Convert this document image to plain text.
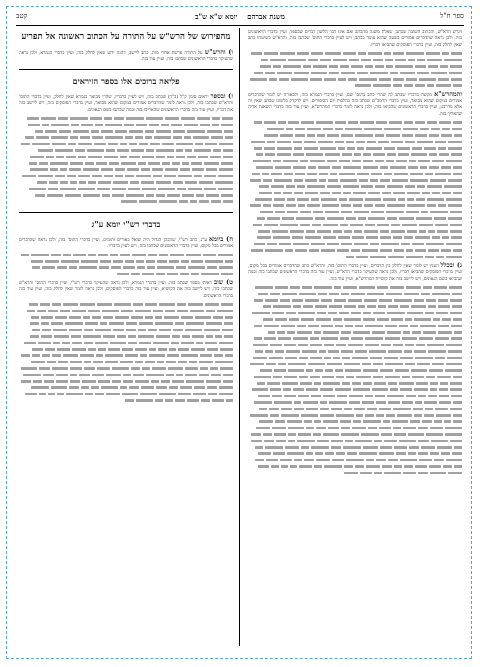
ספר ח"ל
משנת אברהם    יומא ש"א ש"ב
קטב

ויגרש הרא"ש, והכתוב תשובה שכתב, שאלת משנה מהכתב ואם אינו דבר הלשון דברים שבספר, ועיין בדברי הראשונים בזה, ולכן נראה שהדברים אמורים בשעה שהוא עומד בכתב, ויש לעיין בדברי התוס' שכתבו בזה, והרא"ש בשיטתו כתב שאין לחלק בזה, ועיין בדברי הפוסקים שהביאו דבריו.

והמהרש"א מקשה בדבריו שכתב לה שהרי כתב בתוס' שם, ועיין בדברי הגמרא בזה, ולכאורה יש לומר שהדברים אמורים במקום שהוא מבואר, ועיין בדברי הרמב"ם שכתב בזה בהלכות יום הכיפורים, ויש לדקדק בלשונו שכתב שאין זה אלא מדרבנן, ועיין בדברי הראשונים שהביאו בזה, ולכן נראה לומר כדברי המהרש"א, ועיין עוד בזה בדברי השאגת אריה שהאריך בזה.

ג) ובכלל הענין יש לומר שאין לחלק בין הדברים, ועיין בדברי התוס' בזה, והרא"ש כתב שהדברים אמורים בכל מקום, ועיין בדברי הפוסקים שהביאו דבריו, ולכן נראה שהעיקר כדברי הרא"ש, ועיין עוד בזה בדברי הראשונים שכתבו בזה ובמה שהביאו בשם הגאונים, ויש ליישב בזה את קושיית המהרש"א, ועיין עוד בזה.

מהפירוש של הרש"ש על התורה על הכתוב ראשונה אל תפריע

ו) והרש"ש על התורה פרשת אחרי מות, כתב ליישב, דהנה ידוע שאין לחלק בזה, ועיין בדברי הגמרא, ולכן נראה שהעיקר כדברי הראשונים שכתבו בזה, ועיין עוד בזה.

פליאה ברוכים אלו בספר הזיראים

ז) ובספר יראים סימן ק"ל (ב"ד) שכתב בזה, ויש לעיין בדבריו, שהרי מבואר בגמרא שאין לחלק, ועיין בדברי התוס' והרא"ש שכתבו בזה, ולכן נראה לומר שהדברים אמורים במקום שהוא מבואר, ועיין בדברי הפוסקים בזה, ויש ליישב בזה את דבריו, ועיין עוד בזה בדברי הראשונים שהאריכו בזה ובמה שכתבו בשם הגאונים.

בדברי רש"י יומא ע"ג

ח) ביומא ע"ג, כתב רש"י, שהכהן הגדול היה שואל באורים ותומים, ועיין בדברי התוס' בזה, ולכן נראה שהדברים אמורים בכל מקום, ועיין בדברי הראשונים שכתבו בזה, ויש לעיין בדבריו.

ט) שוב ראיתי בספר שכתב בזה, ועיין בדברי הגמרא, ולכן נראה שהעיקר כדברי רש"י, ועיין בדברי התוס' והרא"ש שכתבו בזה, ויש ליישב בזה את הקושיא, ועיין עוד בזה בדברי הפוסקים, ולכן נראה לומר שאין לחלק בזה, ועיין עוד בזה בדברי הראשונים.
